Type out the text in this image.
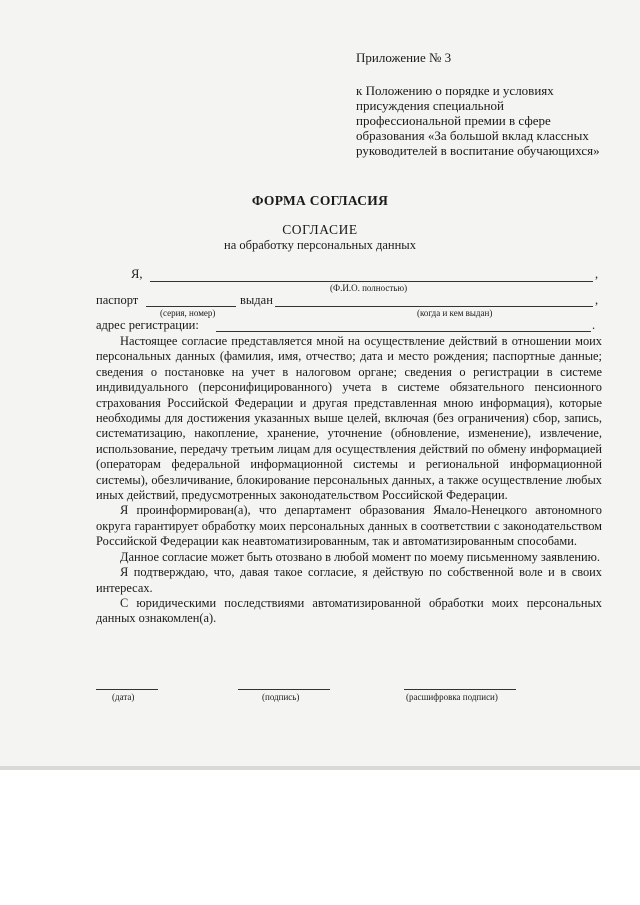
Приложение № 3
к Положению о порядке и условиях присуждения специальной профессиональной премии в сфере образования «За большой вклад классных руководителей в воспитание обучающихся»
ФОРМА СОГЛАСИЯ
СОГЛАСИЕ
на обработку персональных данных
Я,	,
(Ф.И.О. полностью)
паспорт	выдан	,
(серия, номер)	(когда и кем выдан)
адрес регистрации:	.

Настоящее согласие представляется мной на осуществление действий в отношении моих персональных данных (фамилия, имя, отчество; дата и место рождения; паспортные данные; сведения о постановке на учет в налоговом органе; сведения о регистрации в системе индивидуального (персонифицированного) учета в системе обязательного пенсионного страхования Российской Федерации и другая представленная мною информация), которые необходимы для достижения указанных выше целей, включая (без ограничения) сбор, запись, систематизацию, накопление, хранение, уточнение (обновление, изменение), извлечение, использование, передачу третьим лицам для осуществления действий по обмену информацией (операторам федеральной информационной системы и региональной информационной системы), обезличивание, блокирование персональных данных, а также осуществление любых иных действий, предусмотренных законодательством Российской Федерации.

Я проинформирован(а), что департамент образования Ямало-Ненецкого автономного округа гарантирует обработку моих персональных данных в соответствии с законодательством Российской Федерации как неавтоматизированным, так и автоматизированным способами.

Данное согласие может быть отозвано в любой момент по моему письменному заявлению.

Я подтверждаю, что, давая такое согласие, я действую по собственной воле и в своих интересах.

С юридическими последствиями автоматизированной обработки моих персональных данных ознакомлен(а).

(дата)	(подпись)	(расшифровка подписи)
